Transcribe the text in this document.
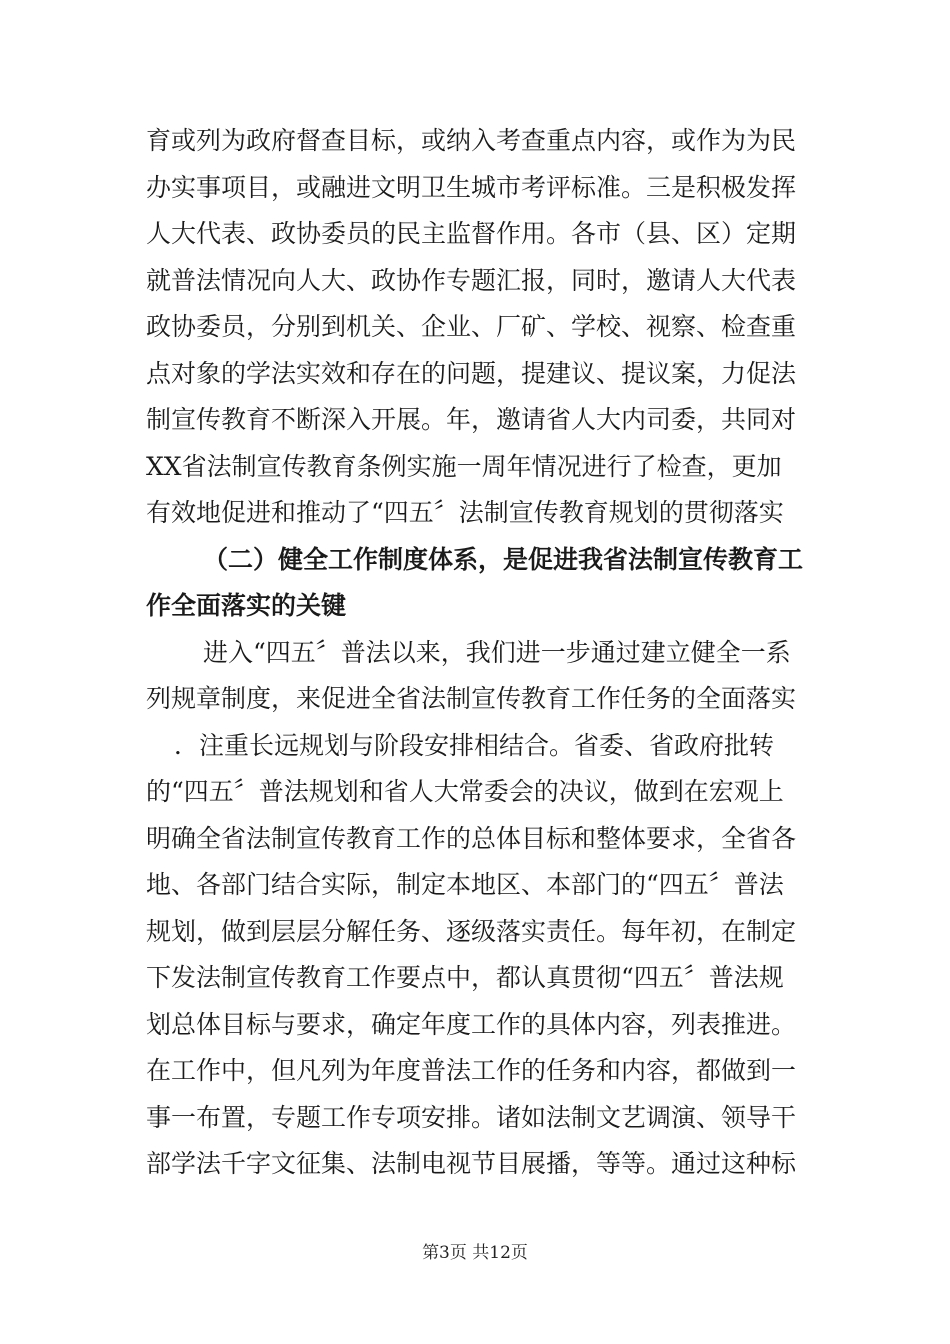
育或列为政府督查目标，或纳入考查重点内容，或作为为民
办实事项目，或融进文明卫生城市考评标准。三是积极发挥
人大代表、政协委员的民主监督作用。各市（县、区）定期
就普法情况向人大、政协作专题汇报，同时，邀请人大代表
政协委员，分别到机关、企业、厂矿、学校、视察、检查重
点对象的学法实效和存在的问题，提建议、提议案，力促法
制宣传教育不断深入开展。年，邀请省人大内司委，共同对
XX省法制宣传教育条例实施一周年情况进行了检查，更加
有效地促进和推动了“四五〞法制宣传教育规划的贯彻落实
（二）健全工作制度体系，是促进我省法制宣传教育工
作全面落实的关键
进入“四五〞普法以来，我们进一步通过建立健全一系
列规章制度，来促进全省法制宣传教育工作任务的全面落实
．注重长远规划与阶段安排相结合。省委、省政府批转
的“四五〞普法规划和省人大常委会的决议，做到在宏观上
明确全省法制宣传教育工作的总体目标和整体要求，全省各
地、各部门结合实际，制定本地区、本部门的“四五〞普法
规划，做到层层分解任务、逐级落实责任。每年初，在制定
下发法制宣传教育工作要点中，都认真贯彻“四五〞普法规
划总体目标与要求，确定年度工作的具体内容，列表推进。
在工作中，但凡列为年度普法工作的任务和内容，都做到一
事一布置，专题工作专项安排。诸如法制文艺调演、领导干
部学法千字文征集、法制电视节目展播，等等。通过这种标
第3页 共12页
